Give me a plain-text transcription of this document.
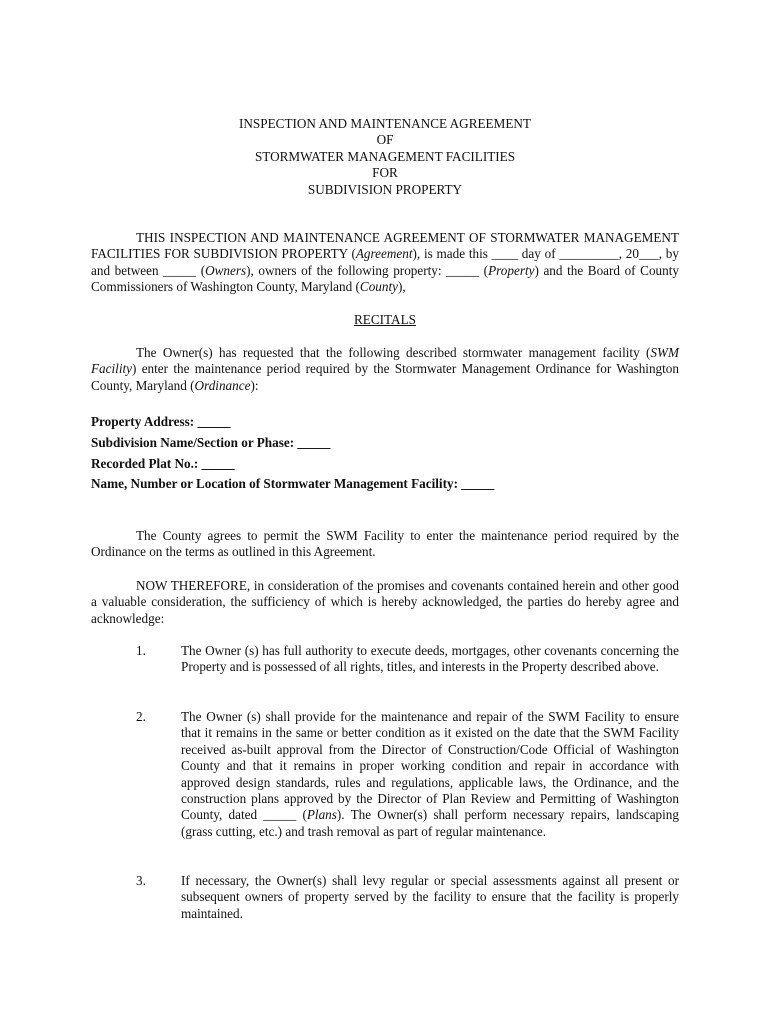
INSPECTION AND MAINTENANCE AGREEMENT
OF
STORMWATER MANAGEMENT FACILITIES
FOR
SUBDIVISION PROPERTY
THIS INSPECTION AND MAINTENANCE AGREEMENT OF STORMWATER MANAGEMENT FACILITIES FOR SUBDIVISION PROPERTY (Agreement), is made this ____ day of _________, 20___, by and between _____ (Owners), owners of the following property: _____ (Property) and the Board of County Commissioners of Washington County, Maryland (County),
RECITALS
The Owner(s) has requested that the following described stormwater management facility (SWM Facility) enter the maintenance period required by the Stormwater Management Ordinance for Washington County, Maryland (Ordinance):
Property Address: _____
Subdivision Name/Section or Phase: _____
Recorded Plat No.: _____
Name, Number or Location of Stormwater Management Facility: _____
The County agrees to permit the SWM Facility to enter the maintenance period required by the Ordinance on the terms as outlined in this Agreement.
NOW THEREFORE, in consideration of the promises and covenants contained herein and other good a valuable consideration, the sufficiency of which is hereby acknowledged, the parties do hereby agree and acknowledge:
1.	The Owner (s) has full authority to execute deeds, mortgages, other covenants concerning the Property and is possessed of all rights, titles, and interests in the Property described above.
2.	The Owner (s) shall provide for the maintenance and repair of the SWM Facility to ensure that it remains in the same or better condition as it existed on the date that the SWM Facility received as-built approval from the Director of Construction/Code Official of Washington County and that it remains in proper working condition and repair in accordance with approved design standards, rules and regulations, applicable laws, the Ordinance, and the construction plans approved by the Director of Plan Review and Permitting of Washington County, dated _____ (Plans). The Owner(s) shall perform necessary repairs, landscaping (grass cutting, etc.) and trash removal as part of regular maintenance.
3.	If necessary, the Owner(s) shall levy regular or special assessments against all present or subsequent owners of property served by the facility to ensure that the facility is properly maintained.
